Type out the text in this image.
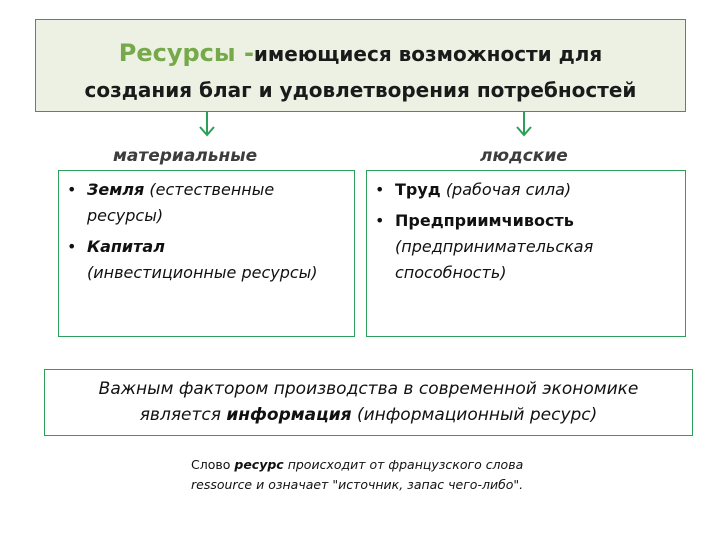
Ресурсы -имеющиеся возможности для
создания благ и удовлетворения потребностей
материальные	людские
• Земля (естественные ресурсы)
• Капитал
(инвестиционные ресурсы)
• Труд (рабочая сила)
• Предприимчивость
(предпринимательская способность)
Важным фактором производства в современной экономике
является информация (информационный ресурс)
Слово ресурс происходит от французского слова ressource и означает "источник, запас чего-либо".
